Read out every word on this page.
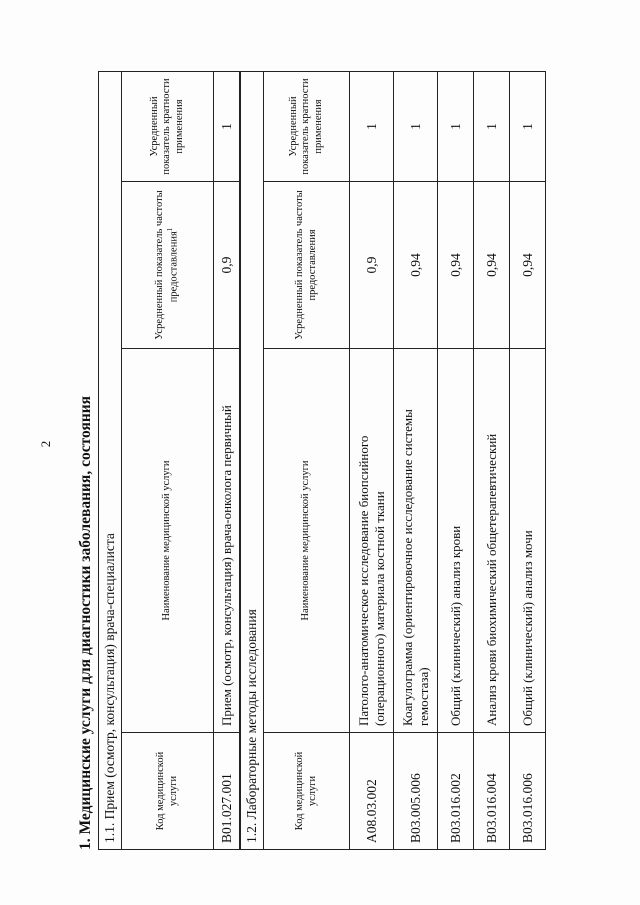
2 1. Медицинские услуги для диагностики заболевания, состояния 1.1. Прием (осмотр, консультация) врача-специалиста			
Код медицинской услуги	Наименование медицинской услуги	Усредненный показатель частоты предоставления$^1$	Усредненный показатель кратности применения
B01.027.001	Прием (осмотр, консультация) врача-онколога первичный	0,9	1
1.2. Лабораторные методы исследования			
Код медицинской услуги	Наименование медицинской услуги	Усредненный показатель частоты предоставления	Усредненный показатель кратности применения
A08.03.002	Патолого-анатомическое исследование биопсийного (операционного) материала костной ткани	0,9	1
B03.005.006	Коагулограмма (ориентировочное исследование системы гемостаза)	0,94	1
B03.016.002	Общий (клинический) анализ крови	0,94	1
B03.016.004	Анализ крови биохимический общетерапевтический	0,94	1
B03.016.006	Общий (клинический) анализ мочи	0,94	1
